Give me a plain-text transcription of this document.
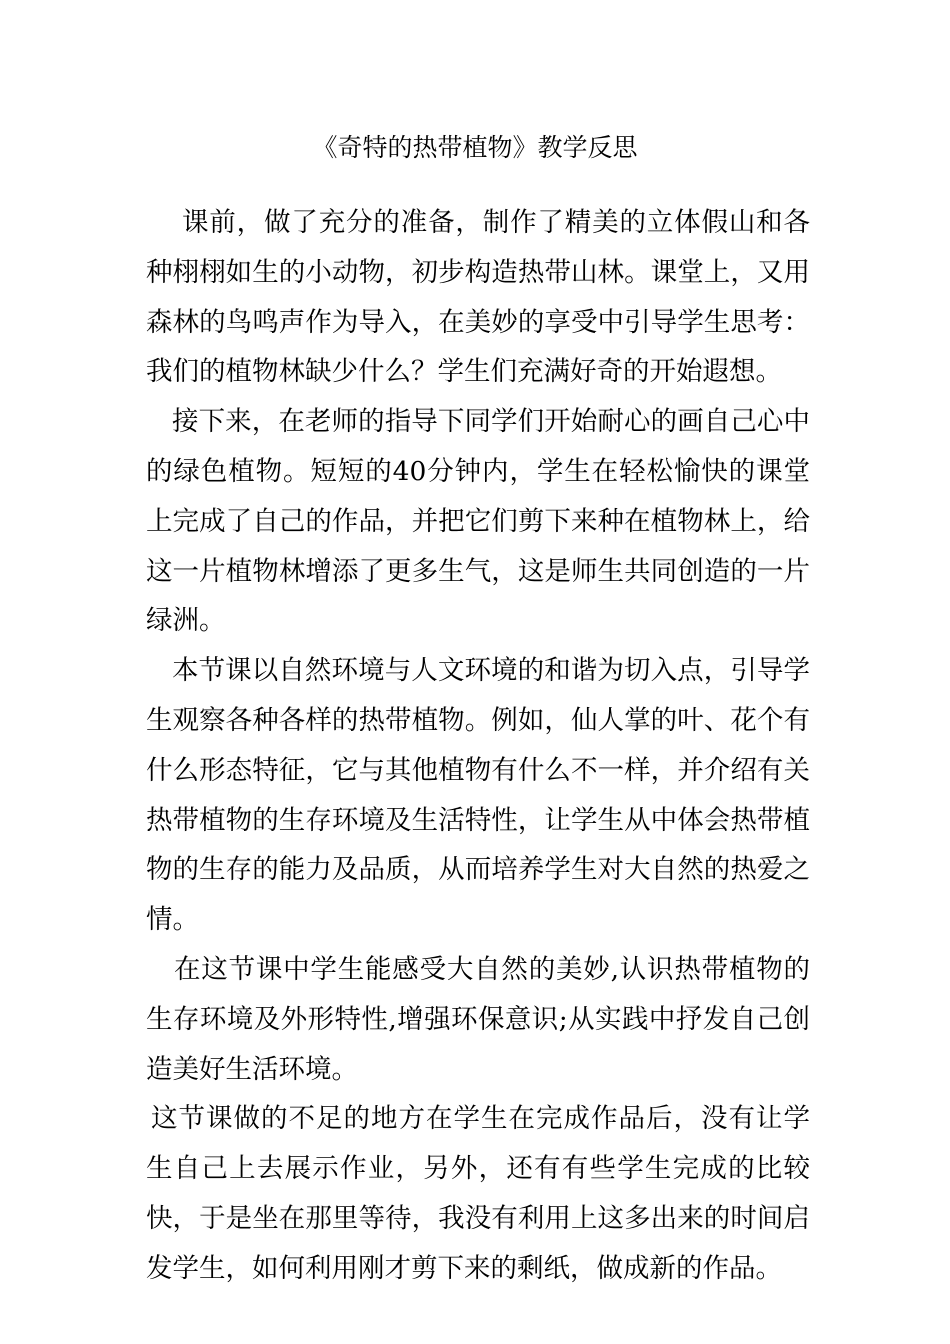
《奇特的热带植物》教学反思

课前，做了充分的准备，制作了精美的立体假山和各种栩栩如生的小动物，初步构造热带山林。课堂上，又用森林的鸟鸣声作为导入，在美妙的享受中引导学生思考：我们的植物林缺少什么？学生们充满好奇的开始遐想。

接下来，在老师的指导下同学们开始耐心的画自己心中的绿色植物。短短的40分钟内，学生在轻松愉快的课堂上完成了自己的作品，并把它们剪下来种在植物林上，给这一片植物林增添了更多生气，这是师生共同创造的一片绿洲。

本节课以自然环境与人文环境的和谐为切入点，引导学生观察各种各样的热带植物。例如，仙人掌的叶、花个有什么形态特征，它与其他植物有什么不一样，并介绍有关热带植物的生存环境及生活特性，让学生从中体会热带植物的生存的能力及品质，从而培养学生对大自然的热爱之情。

在这节课中学生能感受大自然的美妙,认识热带植物的生存环境及外形特性,增强环保意识;从实践中抒发自己创造美好生活环境。

这节课做的不足的地方在学生在完成作品后，没有让学生自己上去展示作业，另外，还有有些学生完成的比较快，于是坐在那里等待，我没有利用上这多出来的时间启发学生，如何利用刚才剪下来的剩纸，做成新的作品。
